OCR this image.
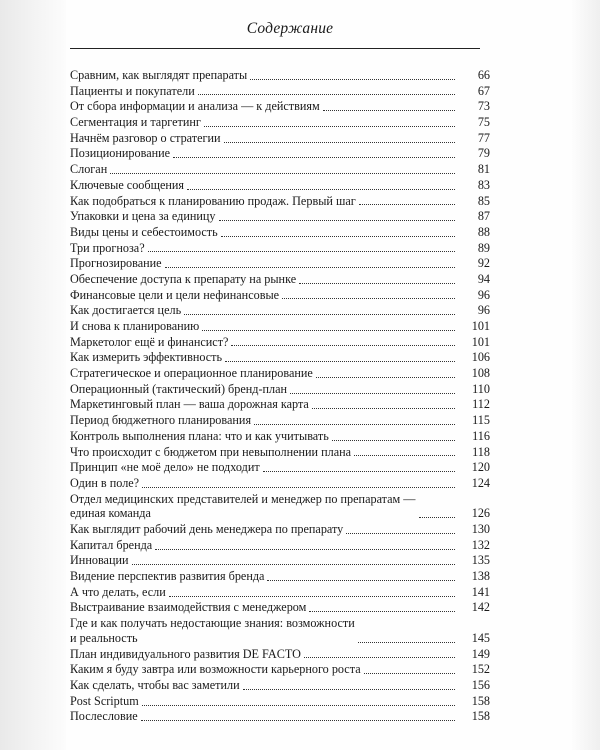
Содержание
Сравним, как выглядят препараты	66
Пациенты и покупатели	67
От сбора информации и анализа — к действиям	73
Сегментация и таргетинг	75
Начнём разговор о стратегии	77
Позиционирование	79
Слоган	81
Ключевые сообщения	83
Как подобраться к планированию продаж. Первый шаг	85
Упаковки и цена за единицу	87
Виды цены и себестоимость	88
Три прогноза?	89
Прогнозирование	92
Обеспечение доступа к препарату на рынке	94
Финансовые цели и цели нефинансовые	96
Как достигается цель	96
И снова к планированию	101
Маркетолог ещё и финансист?	101
Как измерить эффективность	106
Стратегическое и операционное планирование	108
Операционный (тактический) бренд-план	110
Маркетинговый план — ваша дорожная карта	112
Период бюджетного планирования	115
Контроль выполнения плана: что и как учитывать	116
Что происходит с бюджетом при невыполнении плана	118
Принцип «не моё дело» не подходит	120
Один в поле?	124
Отдел медицинских представителей и менеджер по препаратам —
единая команда	126
Как выглядит рабочий день менеджера по препарату	130
Капитал бренда	132
Инновации	135
Видение перспектив развития бренда	138
А что делать, если	141
Выстраивание взаимодействия с менеджером	142
Где и как получать недостающие знания: возможности
и реальность	145
План индивидуального развития DE FACTO	149
Каким я буду завтра или возможности карьерного роста	152
Как сделать, чтобы вас заметили	156
Post Scriptum	158
Послесловие	158
